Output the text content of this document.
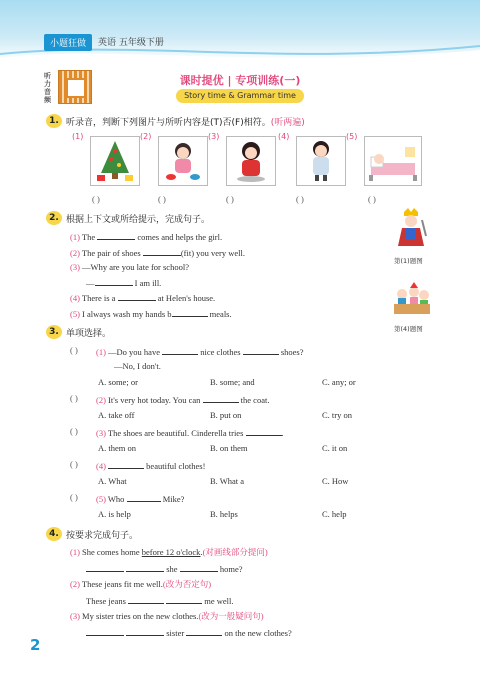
小题狂做	英语 五年级下册
听力音频
课时提优 | 专项训练(一)
Story time & Grammar time
1. 听录音，判断下列图片与所听内容是(T)否(F)相符。(听两遍)
(1)	(2)	(3)	(4)	(5)
( )	( )	( )	( )	( )
2. 根据上下文或所给提示，完成句子。
(1) The	comes and helps the girl.
(2) The pair of shoes	(fit) you very well.
(3) —Why are you late for school?
—	I am ill.
(4) There is a	at Helen's house.
(5) I always wash my hands b	meals.
第(1)题图
第(4)题图
3. 单项选择。
( ) (1) —Do you have	nice clothes	shoes?
—No, I don't.
A. some; or	B. some; and	C. any; or
( ) (2) It's very hot today. You can	the coat.
A. take off	B. put on	C. try on
( ) (3) The shoes are beautiful. Cinderella tries	.
A. them on	B. on them	C. it on
( ) (4)	beautiful clothes!
A. What	B. What a	C. How
( ) (5) Who	Mike?
A. is help	B. helps	C. help
4. 按要求完成句子。
(1) She comes home before 12 o'clock.(对画线部分提问)
she	home?
(2) These jeans fit me well.(改为否定句)
These jeans	me well.
(3) My sister tries on the new clothes.(改为一般疑问句)
sister	on the new clothes?
2
